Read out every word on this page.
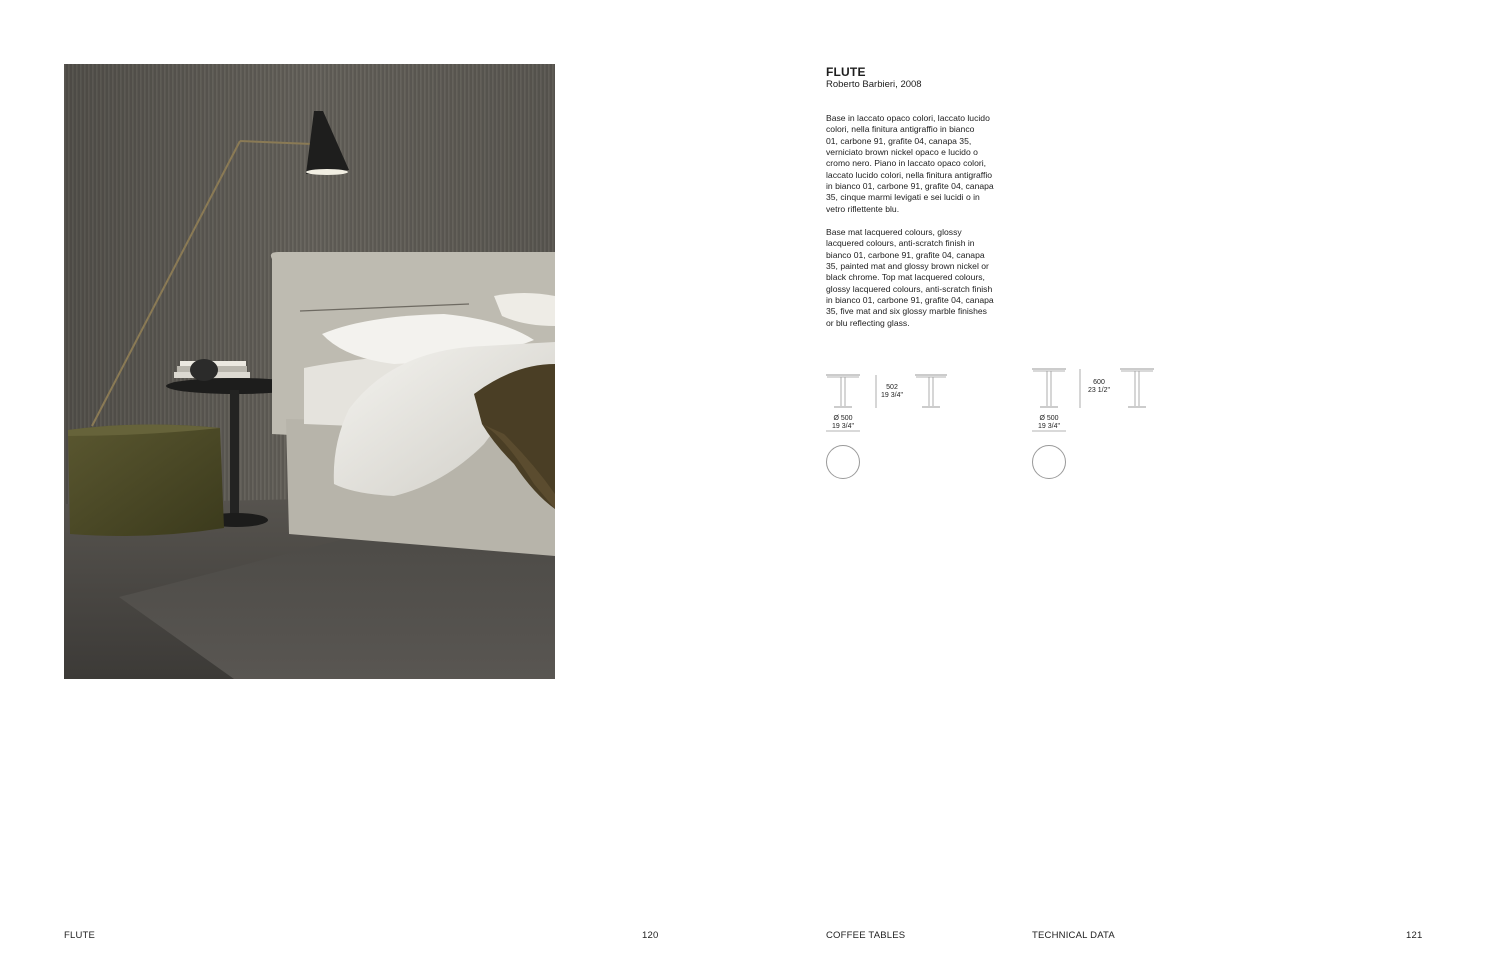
FLUTE
Roberto Barbieri, 2008

Base in laccato opaco colori, laccato lucido
colori, nella finitura antigraffio in bianco
01, carbone 91, grafite 04, canapa 35,
verniciato brown nickel opaco e lucido o
cromo nero. Piano in laccato opaco colori,
laccato lucido colori, nella finitura antigraffio
in bianco 01, carbone 91, grafite 04, canapa
35, cinque marmi levigati e sei lucidi o in
vetro riflettente blu.

Base mat lacquered colours, glossy
lacquered colours, anti-scratch finish in
bianco 01, carbone 91, grafite 04, canapa
35, painted mat and glossy brown nickel or
black chrome. Top mat lacquered colours,
glossy lacquered colours, anti-scratch finish
in bianco 01, carbone 91, grafite 04, canapa
35, five mat and six glossy marble finishes
or blu reflecting glass.

502
19 3/4"
Ø 500
19 3/4"
600
23 1/2"
Ø 500
19 3/4"
FLUTE	120	COFFEE TABLES	TECHNICAL DATA	121
